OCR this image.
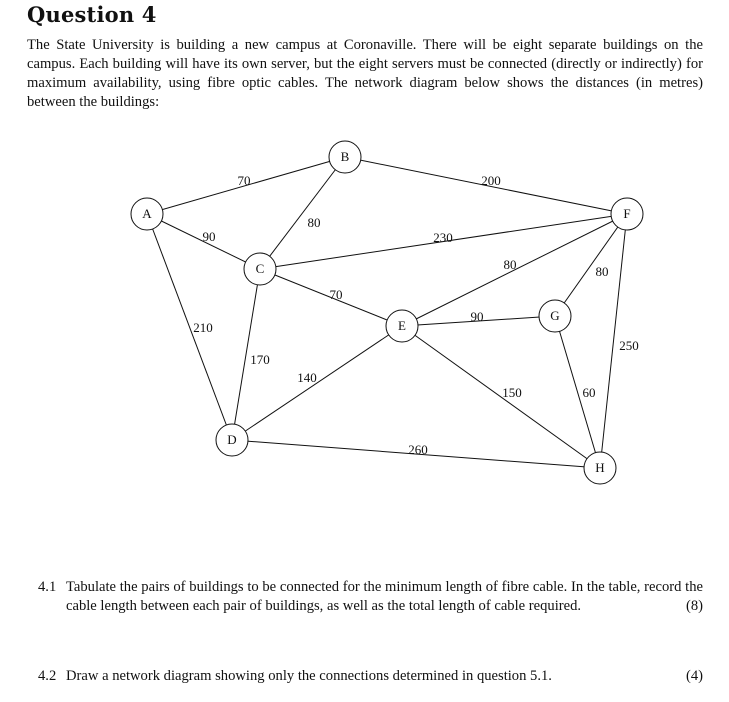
Question 4

The State University is building a new campus at Coronaville. There will be eight separate buildings on the campus. Each building will have its own server, but the eight servers must be connected (directly or indirectly) for maximum availability, using fibre optic cables. The network diagram below shows the distances (in metres) between the buildings:

70
90
210
80
200
230
70
170
140
260
80
90
150
80
60
250
A
B
C
D
E
F
G
H
4.1 Tabulate the pairs of buildings to be connected for the minimum length of fibre cable. In the table, record the cable length between each pair of buildings, as well as the total length of cable required.	(8)
4.2 Draw a network diagram showing only the connections determined in question 5.1.	(4)
